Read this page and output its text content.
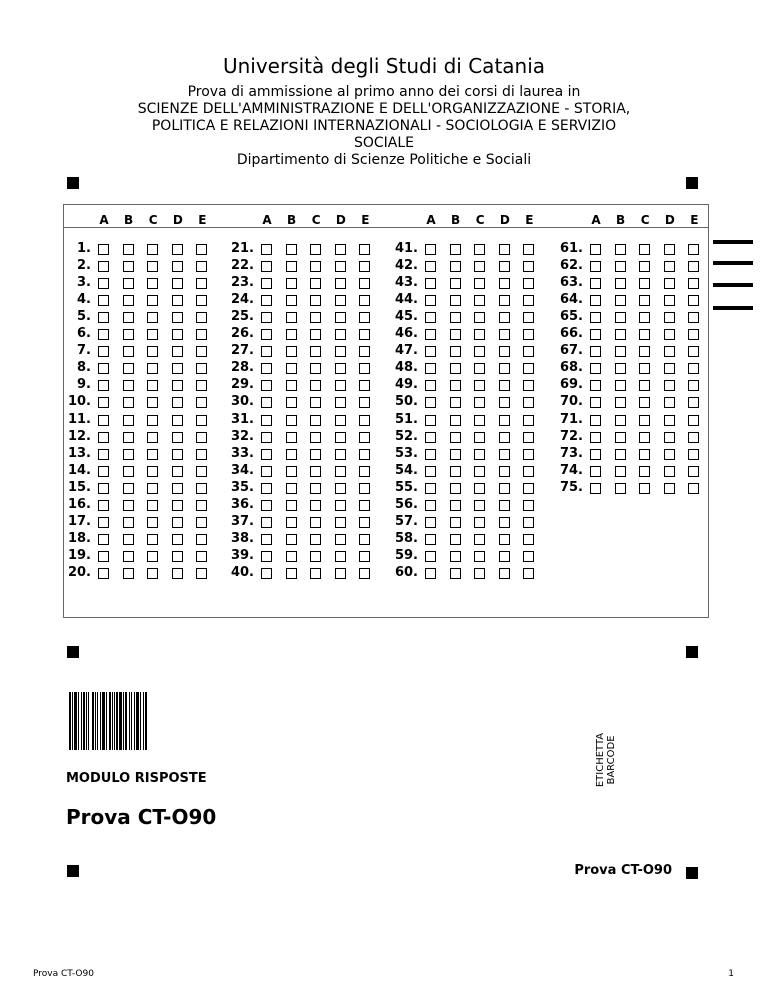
Università degli Studi di Catania
Prova di ammissione al primo anno dei corsi di laurea in
SCIENZE DELL'AMMINISTRAZIONE E DELL'ORGANIZZAZIONE - STORIA,
POLITICA E RELAZIONI INTERNAZIONALI - SOCIOLOGIA E SERVIZIO
SOCIALE
Dipartimento di Scienze Politiche e Sociali
A B C D E
1.
2.
3.
4.
5.
6.
7.
8.
9.
10.
11.
12.
13.
14.
15.
16.
17.
18.
19.
20.
A B C D E
21.
22.
23.
24.
25.
26.
27.
28.
29.
30.
31.
32.
33.
34.
35.
36.
37.
38.
39.
40.
A B C D E
41.
42.
43.
44.
45.
46.
47.
48.
49.
50.
51.
52.
53.
54.
55.
56.
57.
58.
59.
60.
A B C D E
61.
62.
63.
64.
65.
66.
67.
68.
69.
70.
71.
72.
73.
74.
75.
MODULO RISPOSTE
Prova CT-O90
ETICHETTA BARCODE
Prova CT-O90
Prova CT-O90	1
